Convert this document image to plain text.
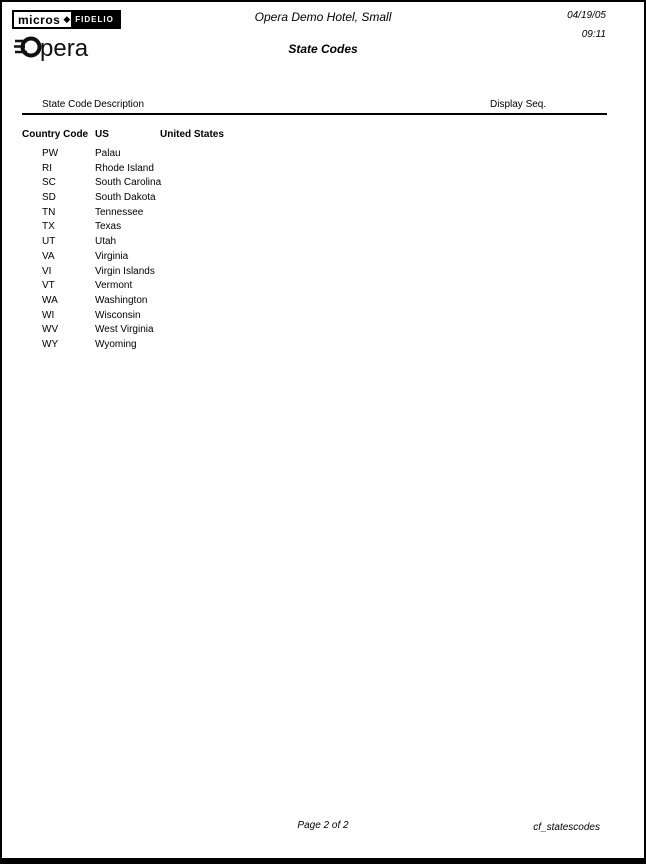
micros ◆ FIDELIO
pera
Opera Demo Hotel, Small
State Codes
04/19/05
09:11
State Code Description	Display Seq.
Country Code US	United States
PW	Palau
RI	Rhode Island
SC	South Carolina
SD	South Dakota
TN	Tennessee
TX	Texas
UT	Utah
VA	Virginia
VI	Virgin Islands
VT	Vermont
WA	Washington
WI	Wisconsin
WV	West Virginia
WY	Wyoming
Page 2 of 2	cf_statescodes
